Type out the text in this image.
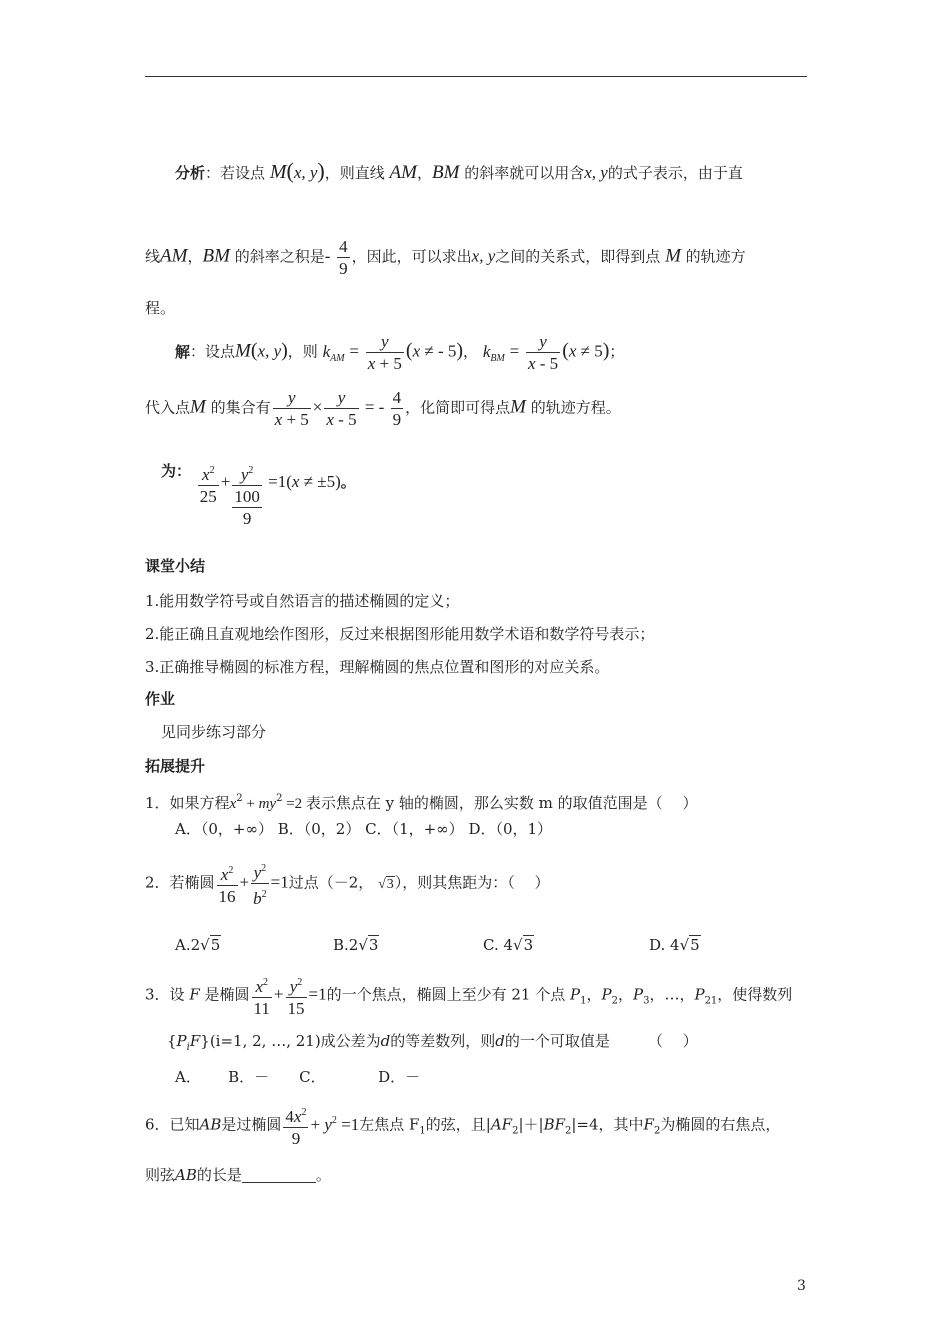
分析：若设点 M(x, y)，则直线 AM，BM 的斜率就可以用含x, y的式子表示，由于直
线AM，BM 的斜率之积是- $\frac{4}{9}$ ，因此，可以求出x, y之间的关系式，即得到点 M 的轨迹方
程。
解：设点M(x, y)，则 $k_{AM} = \frac{y}{x + 5} (x$ ≠ - 5)， $k_{BM} = \frac{y}{x - 5} (x \ne 5)$；
代入点M 的集合有 $\frac{y}{x + 5} \times \frac{y}{x - 5}$ = - $\frac{4}{9}$ ，化简即可得点M 的轨迹方程。
为： $\frac{x^2}{25} + y^2$
100
9
=1(x ≠ ±5)。
课堂小结
1.能用数学符号或自然语言的描述椭圆的定义；
2.能正确且直观地绘作图形，反过来根据图形能用数学术语和数学符号表示；
3.正确推导椭圆的标准方程，理解椭圆的焦点位置和图形的对应关系。
作业
见同步练习部分
拓展提升
1．如果方程$x^2 + my^2 =2$ 表示焦点在 y 轴的椭圆，那么实数 m 的取值范围是（　 ）
A．（0，+∞） B．（0，2） C．（1，+∞） D．（0，1）
2．若椭圆 $\frac{x^2}{16} + \frac{y^2}{b^2} =1$过点（－2， √3），则其焦距为：（　 ）
A.2√5	B.2√3	C. 4√3	D. 4√5
3．设 F 是椭圆 $\frac{x^2}{11} + \frac{y^2}{15} =1$的一个焦点，椭圆上至少有 21 个点 $P_1$，$P_2$，$P_3$，…，$P_{21}$，使得数列
$\{P_iF\}(i=1$, 2, …, 21)成公差为d的等差数列，则d的一个可取值是	（　 ）
A．　　 B．－　　C．　　　　D．－
6．已知AB是过椭圆 $\frac{4x^2}{9} + y^2 =1$左焦点 $F_1$的弦，且$|AF_2|+|BF_2|=4$，其中$F_2$为椭圆的右焦点，
则弦AB的长是	。
3
